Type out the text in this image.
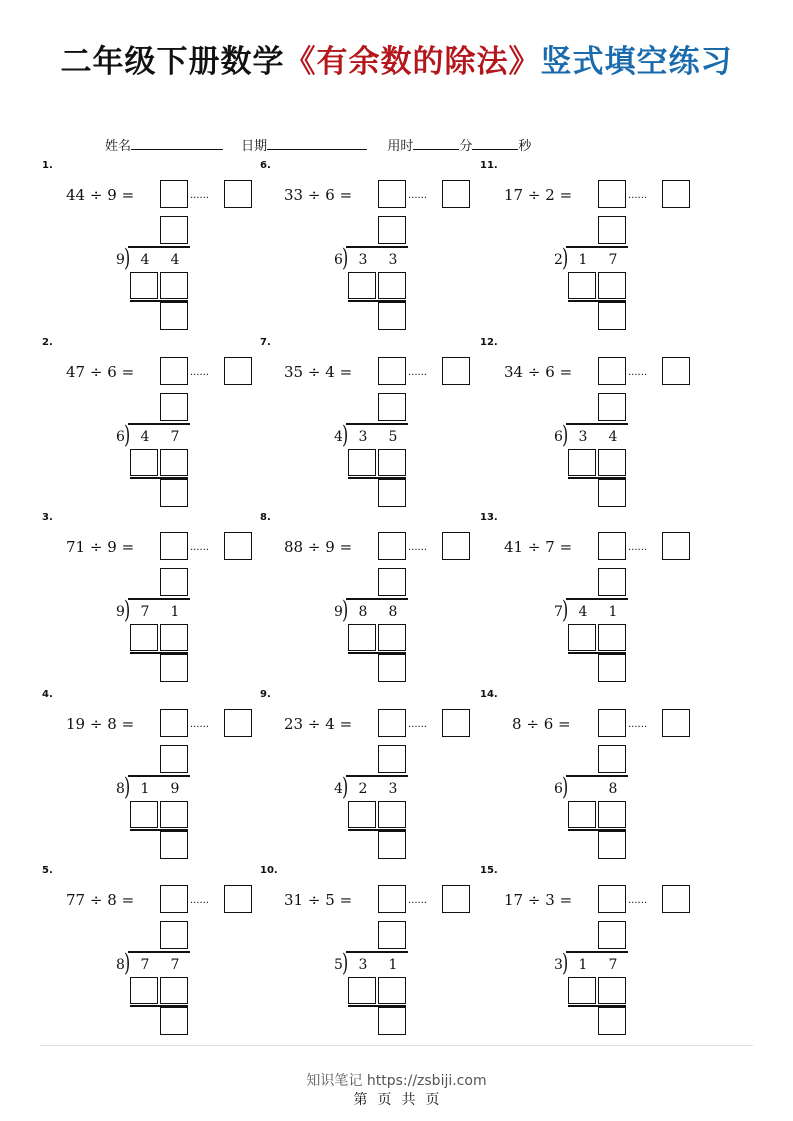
二年级下册数学《有余数的除法》竖式填空练习
姓名	日期	用时	分	秒
1.
44 ÷ 9 =	······
9 ) 4	4
2.
47 ÷ 6 =	······
6 ) 4	7
3.
71 ÷ 9 =	······
9 ) 7	1
4.
19 ÷ 8 =	······
8 ) 1	9
5.
77 ÷ 8 =	······
8 ) 7	7
6.
33 ÷ 6 =	······
6 ) 3	3
7.
35 ÷ 4 =	······
4 ) 3	5
8.
88 ÷ 9 =	······
9 ) 8	8
9.
23 ÷ 4 =	······
4 ) 2	3
10.
31 ÷ 5 =	······
5 ) 3	1
11.
17 ÷ 2 =	······
2 ) 1	7
12.
34 ÷ 6 =	······
6 ) 3	4
13.
41 ÷ 7 =	······
7 ) 4	1
14.
8 ÷ 6 =	······
6 )	8
15.
17 ÷ 3 =	······
3 ) 1	7
知识笔记 https://zsbiji.com
第 页 共 页
